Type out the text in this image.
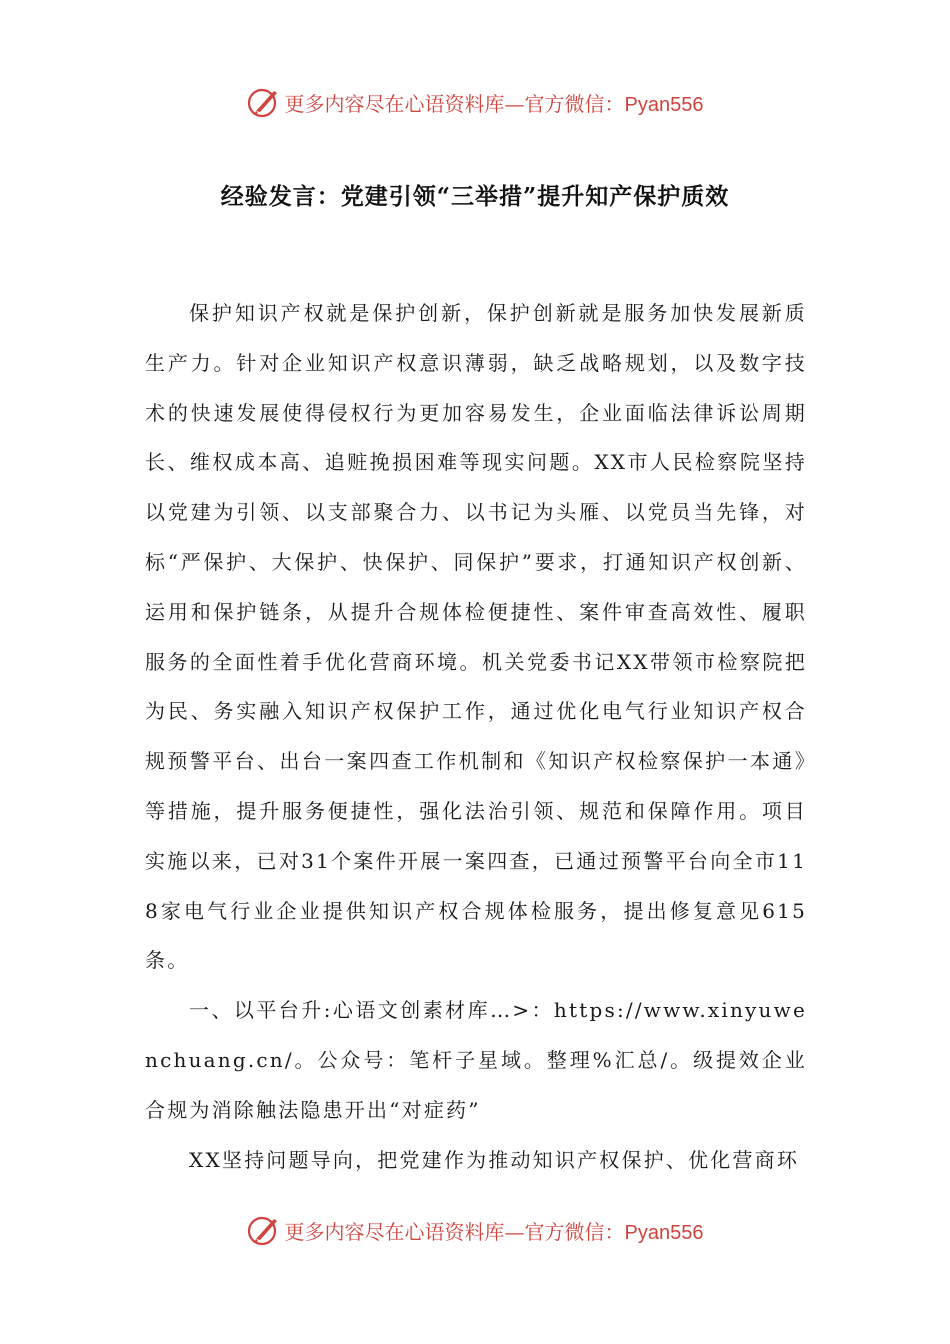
更多内容尽在心语资料库—官方微信：Pyan556
经验发言：党建引领“三举措”提升知产保护质效

保护知识产权就是保护创新，保护创新就是服务加快发展新质生产力。针对企业知识产权意识薄弱，缺乏战略规划，以及数字技术的快速发展使得侵权行为更加容易发生，企业面临法律诉讼周期长、维权成本高、追赃挽损困难等现实问题。XX市人民检察院坚持以党建为引领、以支部聚合力、以书记为头雁、以党员当先锋，对标“严保护、大保护、快保护、同保护”要求，打通知识产权创新、运用和保护链条，从提升合规体检便捷性、案件审查高效性、履职服务的全面性着手优化营商环境。机关党委书记XX带领市检察院把为民、务实融入知识产权保护工作，通过优化电气行业知识产权合规预警平台、出台一案四查工作机制和《知识产权检察保护一本通》等措施，提升服务便捷性，强化法治引领、规范和保障作用。项目实施以来，已对31个案件开展一案四查，已通过预警平台向全市118家电气行业企业提供知识产权合规体检服务，提出修复意见615条。

一、以平台升:心语文创素材库…>：https://www.xinyuwenchuang.cn/。公众号：笔杆子星域。整理%汇总/。级提效企业合规为消除触法隐患开出“对症药”

XX坚持问题导向，把党建作为推动知识产权保护、优化营商环

更多内容尽在心语资料库—官方微信：Pyan556
